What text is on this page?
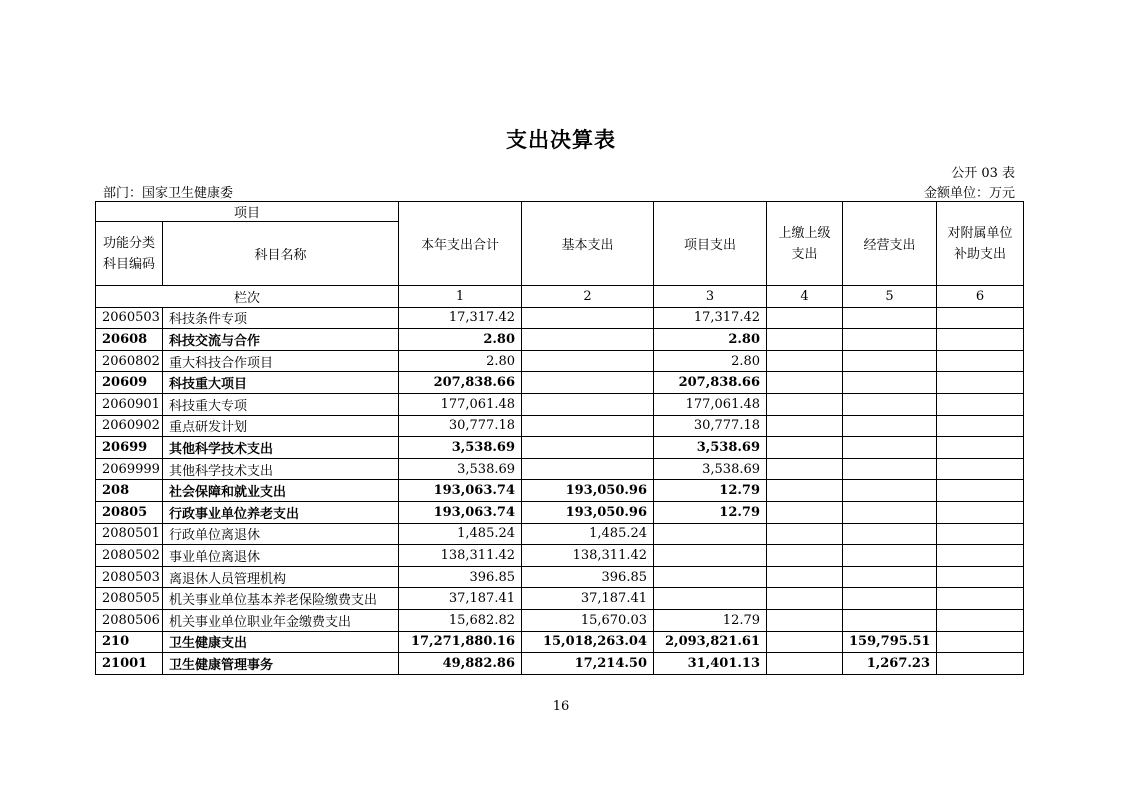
支出决算表
公开 03 表
部门：国家卫生健康委	金额单位：万元
项目		本年支出合计	基本支出	项目支出	上缴上级支出	经营支出	对附属单位补助支出
功能分类科目编码	科目名称						
栏次		1	2	3	4	5	6
2060503	科技条件专项	17,317.42		17,317.42			
20608	科技交流与合作	2.80		2.80			
2060802	重大科技合作项目	2.80		2.80			
20609	科技重大项目	207,838.66		207,838.66			
2060901	科技重大专项	177,061.48		177,061.48			
2060902	重点研发计划	30,777.18		30,777.18			
20699	其他科学技术支出	3,538.69		3,538.69			
2069999	其他科学技术支出	3,538.69		3,538.69			
208	社会保障和就业支出	193,063.74	193,050.96	12.79			
20805	行政事业单位养老支出	193,063.74	193,050.96	12.79			
2080501	行政单位离退休	1,485.24	1,485.24				
2080502	事业单位离退休	138,311.42	138,311.42				
2080503	离退休人员管理机构	396.85	396.85				
2080505	机关事业单位基本养老保险缴费支出	37,187.41	37,187.41				
2080506	机关事业单位职业年金缴费支出	15,682.82	15,670.03	12.79			
210	卫生健康支出	17,271,880.16	15,018,263.04	2,093,821.61		159,795.51	
21001	卫生健康管理事务	49,882.86	17,214.50	31,401.13		1,267.23	
16
